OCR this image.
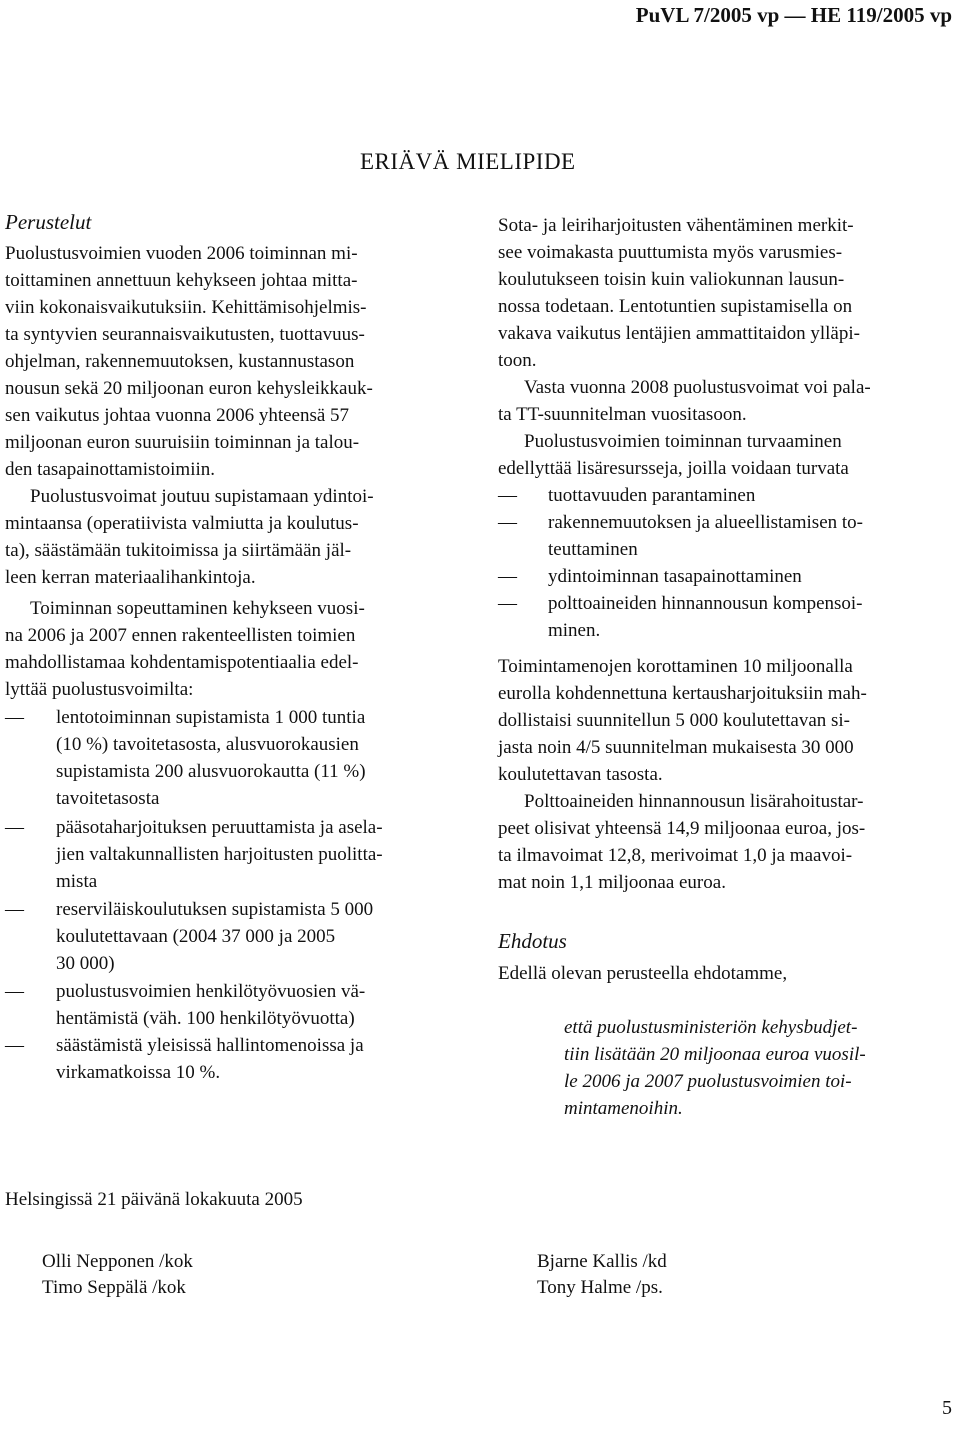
PuVL 7/2005 vp — HE 119/2005 vp
ERIÄVÄ MIELIPIDE
Perustelut
Puolustusvoimien vuoden 2006 toiminnan mi-
toittaminen annettuun kehykseen johtaa mitta-
viin kokonaisvaikutuksiin. Kehittämisohjelmis-
ta syntyvien seurannaisvaikutusten, tuottavuus-
ohjelman, rakennemuutoksen, kustannustason
nousun sekä 20 miljoonan euron kehysleikkauk-
sen vaikutus johtaa vuonna 2006 yhteensä 57
miljoonan euron suuruisiin toiminnan ja talou-
den tasapainottamistoimiin.
Puolustusvoimat joutuu supistamaan ydintoi-
mintaansa (operatiivista valmiutta ja koulutus-
ta), säästämään tukitoimissa ja siirtämään jäl-
leen kerran materiaalihankintoja.
Toiminnan sopeuttaminen kehykseen vuosi-
na 2006 ja 2007 ennen rakenteellisten toimien
mahdollistamaa kohdentamispotentiaalia edel-
lyttää puolustusvoimilta:
— lentotoiminnan supistamista 1 000 tuntia
(10 %) tavoitetasosta, alusvuorokausien
supistamista 200 alusvuorokautta (11 %)
tavoitetasosta
— pääsotaharjoituksen peruuttamista ja asela-
jien valtakunnallisten harjoitusten puolitta-
mista
— reserviläiskoulutuksen supistamista 5 000
koulutettavaan (2004 37 000 ja 2005
30 000)
— puolustusvoimien henkilötyövuosien vä-
hentämistä (väh. 100 henkilötyövuotta)
— säästämistä yleisissä hallintomenoissa ja
virkamatkoissa 10 %.
Sota- ja leiriharjoitusten vähentäminen merkit-
see voimakasta puuttumista myös varusmies-
koulutukseen toisin kuin valiokunnan lausun-
nossa todetaan. Lentotuntien supistamisella on
vakava vaikutus lentäjien ammattitaidon ylläpi-
toon.
Vasta vuonna 2008 puolustusvoimat voi pala-
ta TT-suunnitelman vuositasoon.
Puolustusvoimien toiminnan turvaaminen
edellyttää lisäresursseja, joilla voidaan turvata
— tuottavuuden parantaminen
— rakennemuutoksen ja alueellistamisen to-
teuttaminen
— ydintoiminnan tasapainottaminen
— polttoaineiden hinnannousun kompensoi-
minen.
Toimintamenojen korottaminen 10 miljoonalla
eurolla kohdennettuna kertausharjoituksiin mah-
dollistaisi suunnitellun 5 000 koulutettavan si-
jasta noin 4/5 suunnitelman mukaisesta 30 000
koulutettavan tasosta.
Polttoaineiden hinnannousun lisärahoitustar-
peet olisivat yhteensä 14,9 miljoonaa euroa, jos-
ta ilmavoimat 12,8, merivoimat 1,0 ja maavoi-
mat noin 1,1 miljoonaa euroa.
Ehdotus
Edellä olevan perusteella ehdotamme,
että puolustusministeriön kehysbudjet-
tiin lisätään 20 miljoonaa euroa vuosil-
le 2006 ja 2007 puolustusvoimien toi-
mintamenoihin.
Helsingissä 21 päivänä lokakuuta 2005
Olli Nepponen /kok
Timo Seppälä /kok
Bjarne Kallis /kd
Tony Halme /ps.
5
